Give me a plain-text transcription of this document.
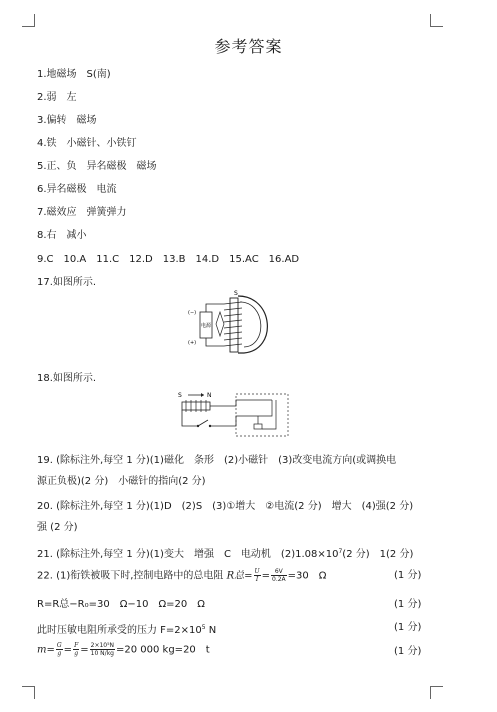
参考答案
1.地磁场　S(南)
2.弱　左
3.偏转　磁场
4.铁　小磁针、小铁钉
5.正、负　异名磁极　磁场
6.异名磁极　电流
7.磁效应　弹簧弹力
8.右　减小
9.C　10.A　11.C　12.D　13.B　14.D　15.AC　16.AD
17.如图所示.
S
(−)
(+)
电源
18.如图所示.
S	N
19. (除标注外,每空 1 分)(1)磁化　条形　(2)小磁针　(3)改变电流方向(或调换电
源正负极)(2 分)　小磁针的指向(2 分)
20. (除标注外,每空 1 分)(1)D　(2)S　(3)①增大　②电流(2 分)　增大　(4)强(2 分)
强 (2 分)
21. (除标注外,每空 1 分)(1)变大　增强　C　电动机　$(2)1.08\times 10^7(2$ 分)　1(2 分)
22. (1)衔铁被吸下时,控制电路中的总电阻 R总= $\frac{U}{I} = \frac{6V}{0.2A} =30$　Ω	(1 分)
R=R总−R₀=30　Ω−10　Ω=20　Ω	(1 分)
此时压敏电阻所承受的压力 $F=2\times 10^5$ N	(1 分)
$m= \frac{G}{g} = \frac{F}{g} = \frac{\text{2×10⁵N}}{10 N/kg} =20$ 000 kg=20　t	(1 分)
